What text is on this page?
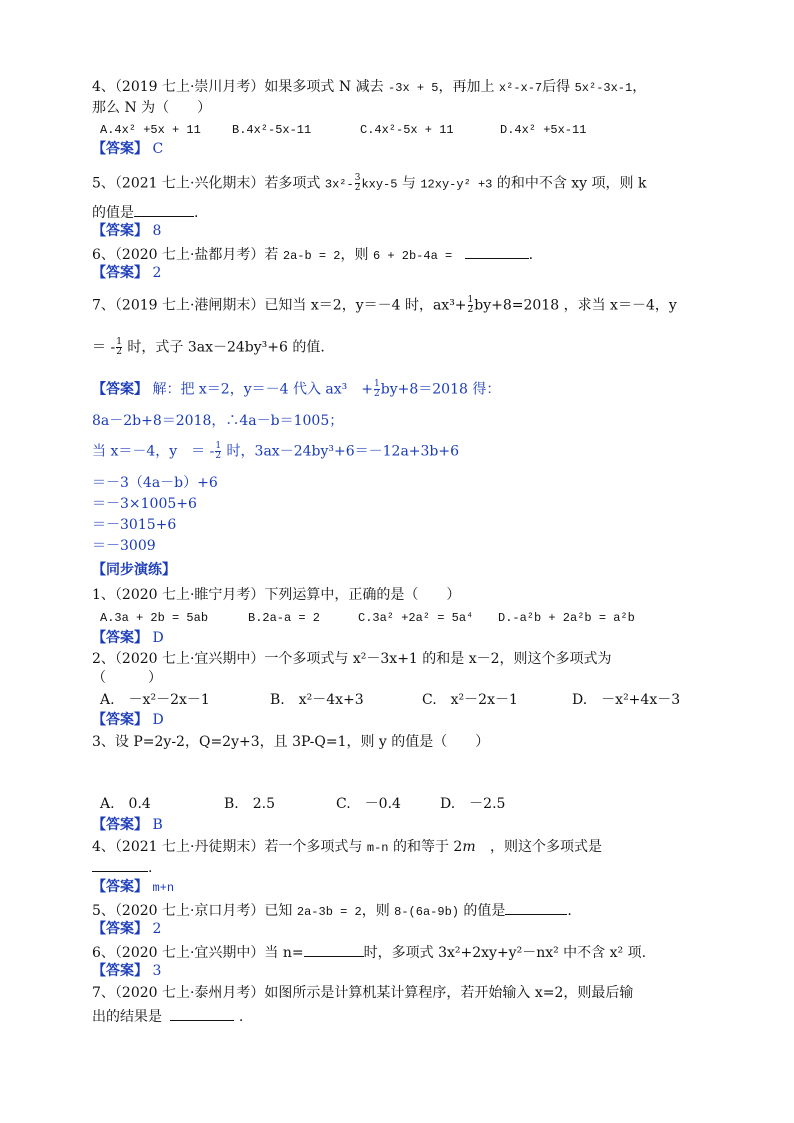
4、（2019 七上·崇川月考）如果多项式 N 减去 -3x + 5，再加上 x²-x-7后得 5x²-3x-1，
那么 N 为（　　）
A.4x² +5x + 11	B.4x²-5x-11	C.4x²-5x + 11	D.4x² +5x-11
【答案】 C
5、（2021 七上·兴化期末）若多项式 $3x^2- \frac{3}{2} kxy-5$ 与 12xy-y² +3 的和中不含 xy 项，则 k
的值是	.
【答案】 8
6、（2020 七上·盐都月考）若 2a-b = 2，则 6 + 2b-4a =	.
【答案】 2
7、（2019 七上·港闸期末）已知当 x＝2，y＝－4 时，$ax^3+ \frac{1}{2} by+8=2018$ ，求当 x＝－4，y
＝ - $\frac{1}{2}$ 时，式子 3ax－24by³+6 的值.
【答案】 解：把 x＝2，y＝－4 代入 ax³　+ $\frac{1}{2} by+8=2018$ 得：
8a－2b+8＝2018，∴4a－b＝1005；
当 x＝－4，y　＝ - $\frac{1}{2}$ 时，3ax－24by³+6＝－12a+3b+6
＝－3（4a－b）+6
＝－3×1005+6
＝－3015+6
＝－3009
【同步演练】
1、（2020 七上·睢宁月考）下列运算中，正确的是（　　）
A.3a + 2b = 5ab	B.2a-a = 2	C.3a² +2a² = 5a⁴ D.-a²b + 2a²b = a²b
【答案】 D
2、（2020 七上·宜兴期中）一个多项式与 x²－3x+1 的和是 x－2，则这个多项式为
（　　　）
A.　－x²－2x－1	B.　x²－4x+3	C.　x²－2x－1	D.　－x²+4x－3
【答案】 D
3、设 P=2y-2，Q=2y+3，且 3P-Q=1，则 y 的值是（　　）
A.　0.4	B.　2.5	C.　－0.4	D.　－2.5
【答案】 B
4、（2021 七上·丹徒期末）若一个多项式与 m-n 的和等于 2m ，则这个多项式是
.
【答案】 m+n
5、（2020 七上·京口月考）已知 2a-3b = 2，则 8-(6a-9b) 的值是	.
【答案】 2
6、（2020 七上·宜兴期中）当 n=	时，多项式 3x²+2xy+y²－nx² 中不含 x² 项.
【答案】 3
7、（2020 七上·泰州月考）如图所示是计算机某计算程序，若开始输入 x=2，则最后输
出的结果是	.
